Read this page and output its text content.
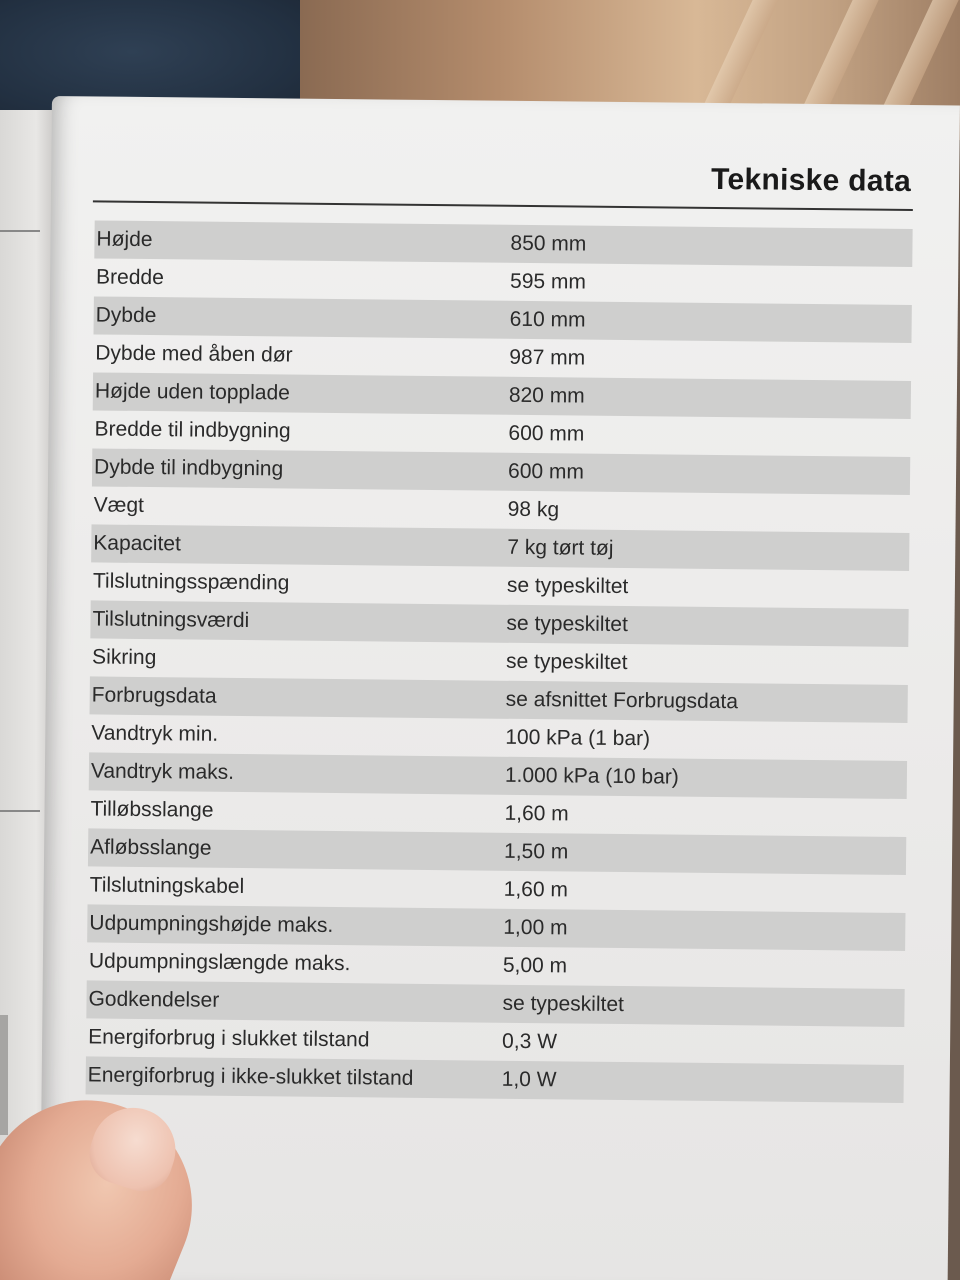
Tekniske data
Højde	850 mm
Bredde	595 mm
Dybde	610 mm
Dybde med åben dør	987 mm
Højde uden topplade	820 mm
Bredde til indbygning	600 mm
Dybde til indbygning	600 mm
Vægt	98 kg
Kapacitet	7 kg tørt tøj
Tilslutningsspænding	se typeskiltet
Tilslutningsværdi	se typeskiltet
Sikring	se typeskiltet
Forbrugsdata	se afsnittet Forbrugsdata
Vandtryk min.	100 kPa (1 bar)
Vandtryk maks.	1.000 kPa (10 bar)
Tilløbsslange	1,60 m
Afløbsslange	1,50 m
Tilslutningskabel	1,60 m
Udpumpningshøjde maks.	1,00 m
Udpumpningslængde maks.	5,00 m
Godkendelser	se typeskiltet
Energiforbrug i slukket tilstand	0,3 W
Energiforbrug i ikke-slukket tilstand	1,0 W
